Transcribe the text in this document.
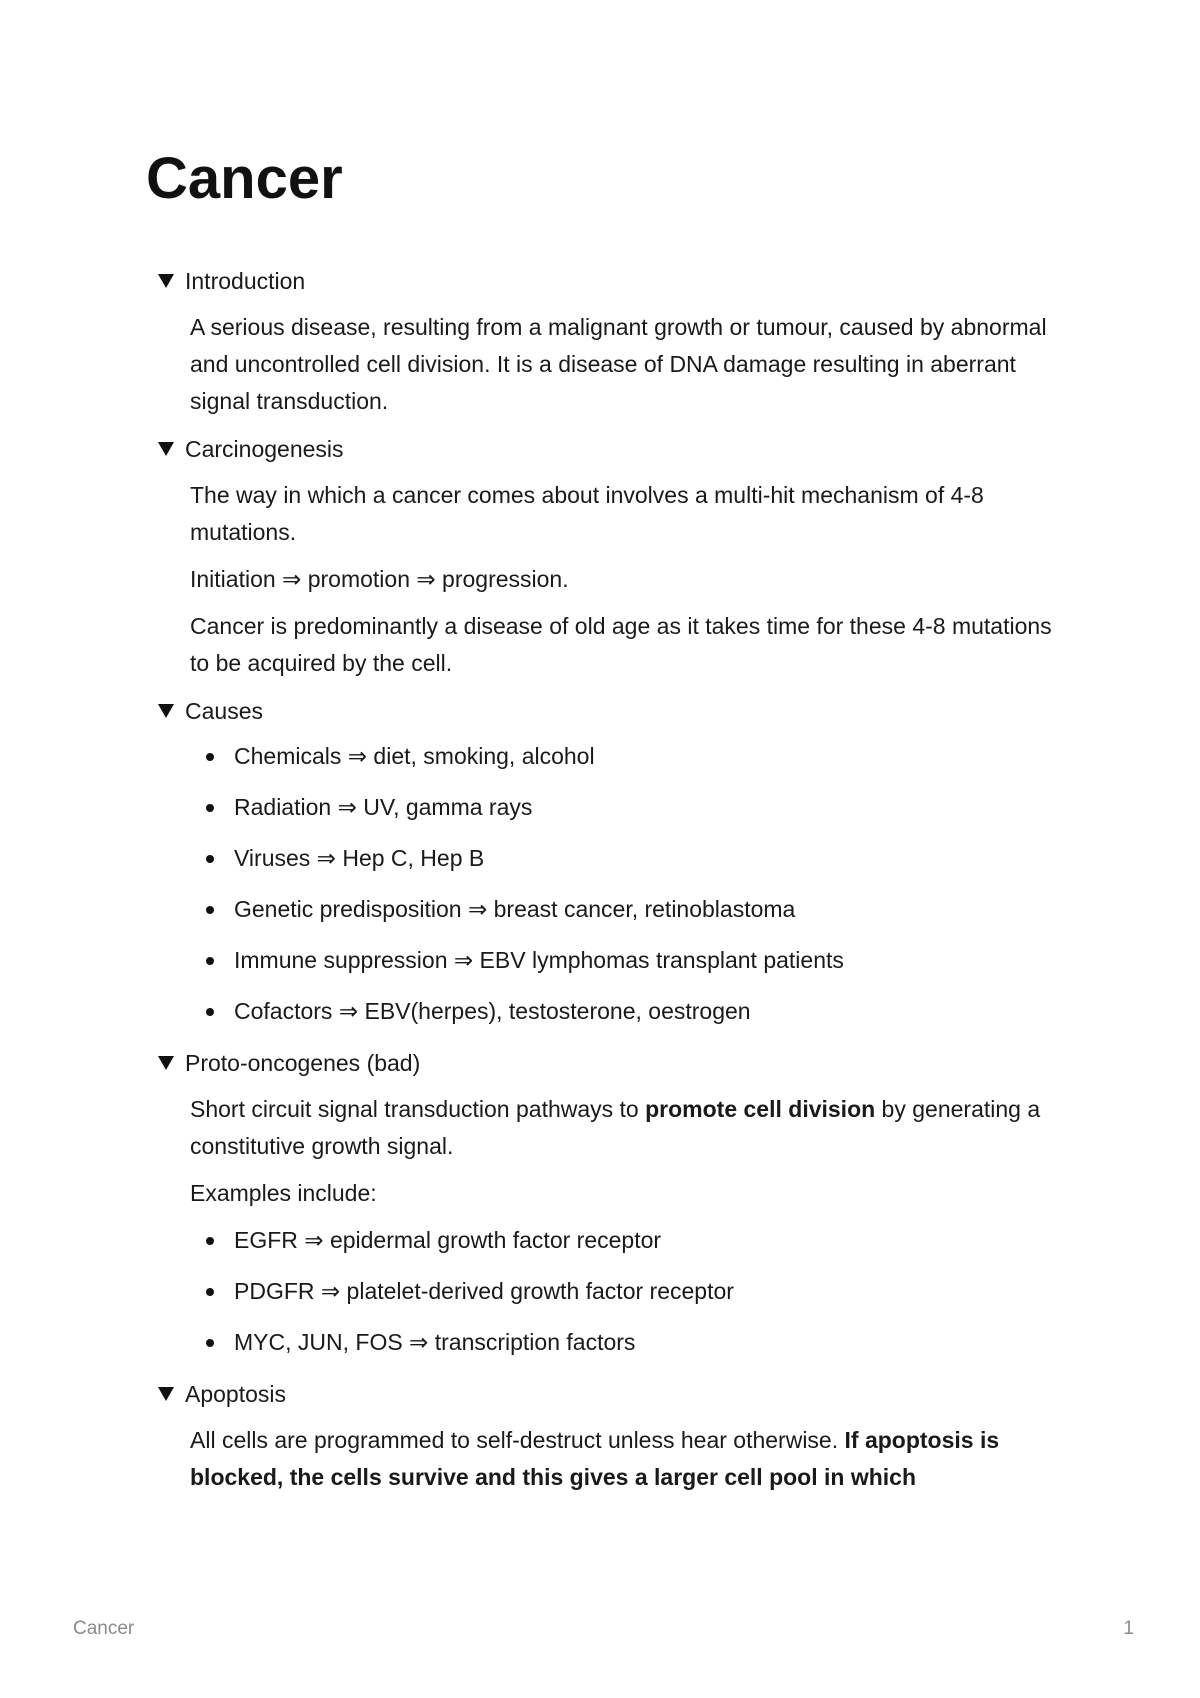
Cancer
Introduction

A serious disease, resulting from a malignant growth or tumour, caused by abnormal and uncontrolled cell division. It is a disease of DNA damage resulting in aberrant signal transduction.

Carcinogenesis

The way in which a cancer comes about involves a multi-hit mechanism of 4-8 mutations.

Initiation ⇒ promotion ⇒ progression.

Cancer is predominantly a disease of old age as it takes time for these 4-8 mutations to be acquired by the cell.

Causes
Chemicals ⇒ diet, smoking, alcohol
Radiation ⇒ UV, gamma rays
Viruses ⇒ Hep C, Hep B
Genetic predisposition ⇒ breast cancer, retinoblastoma
Immune suppression ⇒ EBV lymphomas transplant patients
Cofactors ⇒ EBV(herpes), testosterone, oestrogen
Proto-oncogenes (bad)

Short circuit signal transduction pathways to promote cell division by generating a constitutive growth signal.

Examples include:

EGFR ⇒ epidermal growth factor receptor
PDGFR ⇒ platelet-derived growth factor receptor
MYC, JUN, FOS ⇒ transcription factors
Apoptosis

All cells are programmed to self-destruct unless hear otherwise. If apoptosis is blocked, the cells survive and this gives a larger cell pool in which

Cancer	1
